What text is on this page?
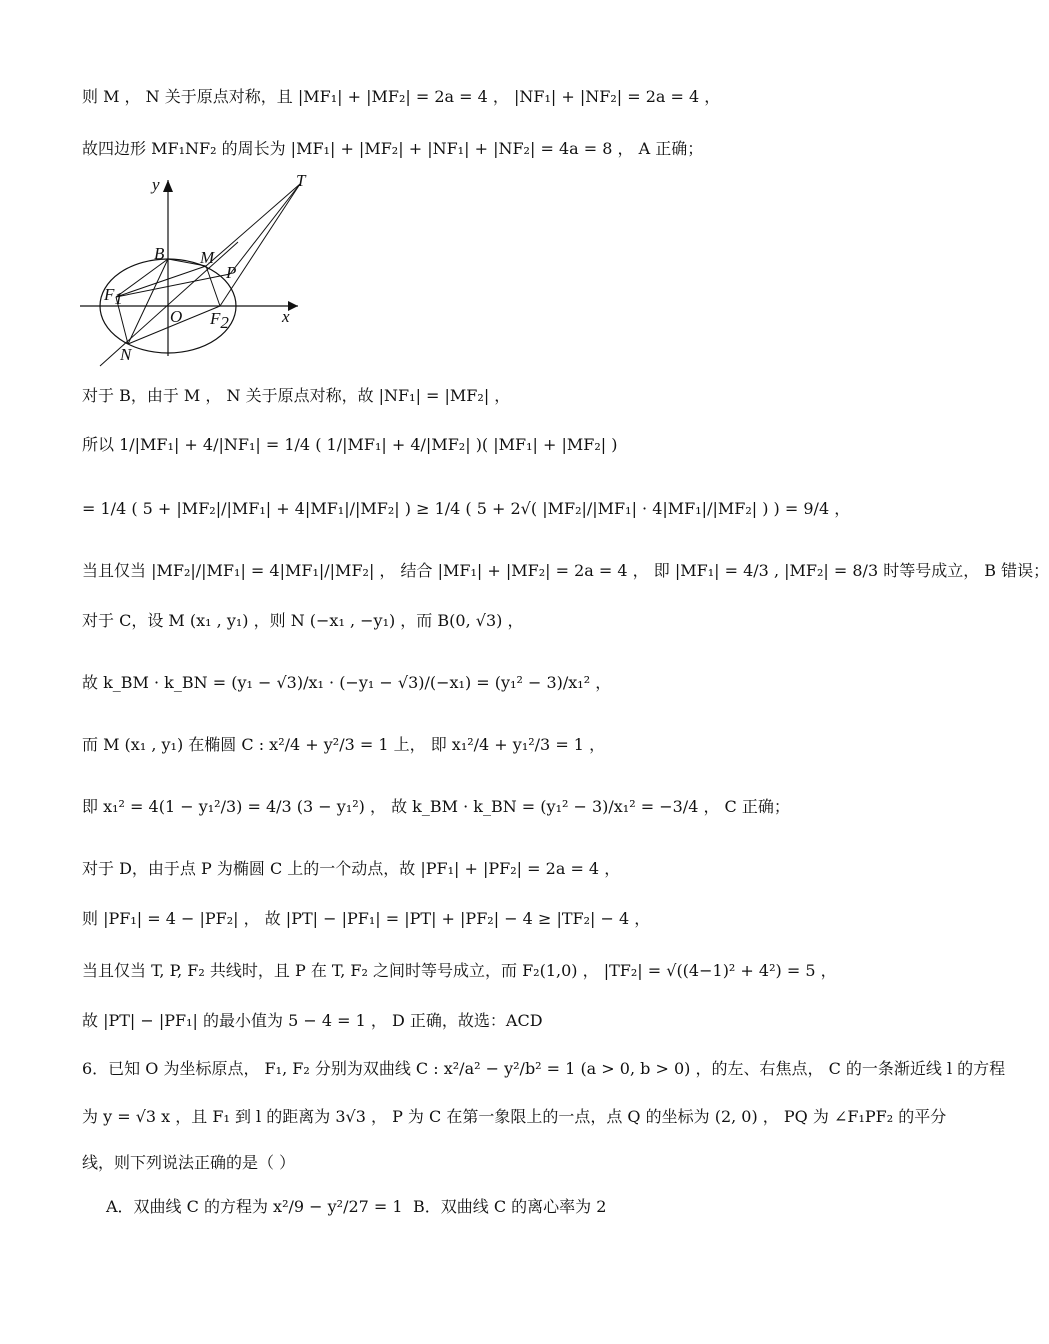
则 M ， N 关于原点对称，且 |MF₁| + |MF₂| = 2a = 4 ， |NF₁| + |NF₂| = 2a = 4 ，
故四边形 MF₁NF₂ 的周长为 |MF₁| + |MF₂| + |NF₁| + |NF₂| = 4a = 8 ， A 正确；
对于 B，由于 M ， N 关于原点对称，故 |NF₁| = |MF₂| ，
所以 1/|MF₁| + 4/|NF₁| = 1/4 ( 1/|MF₁| + 4/|MF₂| )( |MF₁| + |MF₂| )
= 1/4 ( 5 + |MF₂|/|MF₁| + 4|MF₁|/|MF₂| ) ≥ 1/4 ( 5 + 2√( |MF₂|/|MF₁| · 4|MF₁|/|MF₂| ) ) = 9/4 ，
当且仅当 |MF₂|/|MF₁| = 4|MF₁|/|MF₂| ， 结合 |MF₁| + |MF₂| = 2a = 4 ， 即 |MF₁| = 4/3 , |MF₂| = 8/3 时等号成立， B 错误；
对于 C，设 M (x₁ , y₁) ，则 N (−x₁ , −y₁) ，而 B(0, √3) ，
故 k_BM · k_BN = (y₁ − √3)/x₁ · (−y₁ − √3)/(−x₁) = (y₁² − 3)/x₁² ，
而 M (x₁ , y₁) 在椭圆 C : x²/4 + y²/3 = 1 上， 即 x₁²/4 + y₁²/3 = 1 ，
即 x₁² = 4(1 − y₁²/3) = 4/3 (3 − y₁²) ， 故 k_BM · k_BN = (y₁² − 3)/x₁² = −3/4 ， C 正确；
对于 D，由于点 P 为椭圆 C 上的一个动点，故 |PF₁| + |PF₂| = 2a = 4 ，
则 |PF₁| = 4 − |PF₂| ， 故 |PT| − |PF₁| = |PT| + |PF₂| − 4 ≥ |TF₂| − 4 ，
当且仅当 T, P, F₂ 共线时，且 P 在 T, F₂ 之间时等号成立，而 F₂(1,0) ， |TF₂| = √((4−1)² + 4²) = 5 ，
故 |PT| − |PF₁| 的最小值为 5 − 4 = 1 ， D 正确，故选：ACD
6．已知 O 为坐标原点， F₁, F₂ 分别为双曲线 C : x²/a² − y²/b² = 1 (a > 0, b > 0) ，的左、右焦点， C 的一条渐近线 l 的方程
为 y = √3 x ，且 F₁ 到 l 的距离为 3√3 ， P 为 C 在第一象限上的一点，点 Q 的坐标为 (2, 0) ， PQ 为 ∠F₁PF₂ 的平分
线，则下列说法正确的是（ ）
A．双曲线 C 的方程为 x²/9 − y²/27 = 1 B．双曲线 C 的离心率为 2
y
x
T
B M
P
F1
O F2
N
